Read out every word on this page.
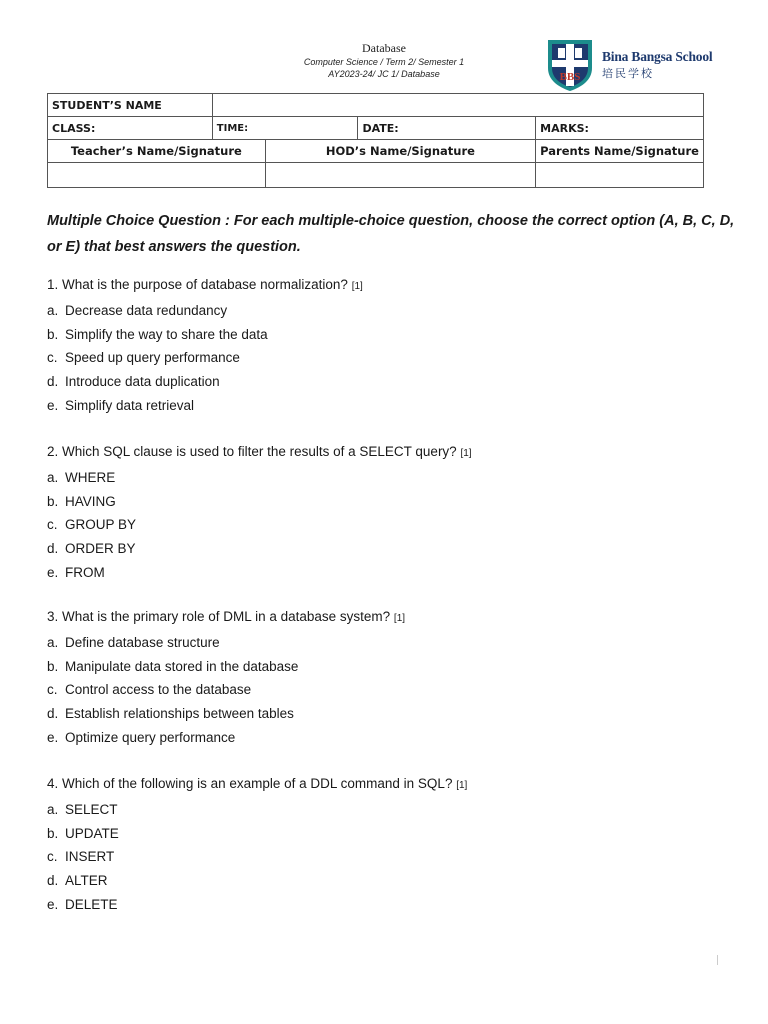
Database
Computer Science / Term 2/ Semester 1
AY2023-24/ JC 1/ Database	BBS
Bina Bangsa School
培民学校
STUDENT’S NAME				
CLASS:	TIME:		DATE:	MARKS:
Teacher’s Name/Signature		HOD’s Name/Signature		Parents Name/Signature

Multiple Choice Question : For each multiple-choice question, choose the correct option (A, B, C, D, or E) that best answers the question.
1. What is the purpose of database normalization? [1]
a. Decrease data redundancy
b. Simplify the way to share the data
c. Speed up query performance
d. Introduce data duplication
e. Simplify data retrieval
2. Which SQL clause is used to filter the results of a SELECT query? [1]
a. WHERE
b. HAVING
c. GROUP BY
d. ORDER BY
e. FROM
3. What is the primary role of DML in a database system? [1]
a. Define database structure
b. Manipulate data stored in the database
c. Control access to the database
d. Establish relationships between tables
e. Optimize query performance
4. Which of the following is an example of a DDL command in SQL? [1]
a. SELECT
b. UPDATE
c. INSERT
d. ALTER
e. DELETE
